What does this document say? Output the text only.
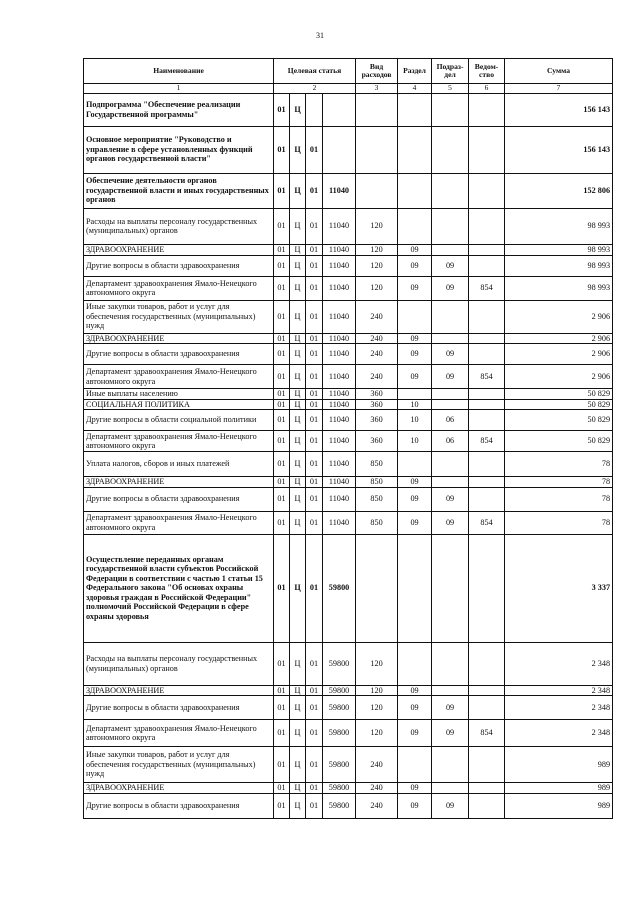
31
Наименование	Целевая статья				Вид расходов	Раздел	Подраз-дел	Ведом-ство	Сумма
1	2				3	4	5	6	7
Подпрограмма "Обеспечение реализации Государственной программы"	01	Ц							156 143
Основное мероприятие "Руководство и управление в сфере установленных функций органов государственной власти"	01	Ц	01						156 143
Обеспечение деятельности органов государственной власти и иных государственных органов	01	Ц	01	11040					152 806
Расходы на выплаты персоналу государственных (муниципальных) органов	01	Ц	01	11040	120				98 993
ЗДРАВООХРАНЕНИЕ	01	Ц	01	11040	120	09			98 993
Другие вопросы в области здравоохранения	01	Ц	01	11040	120	09	09		98 993
Департамент здравоохранения Ямало-Ненецкого автономного округа	01	Ц	01	11040	120	09	09	854	98 993
Иные закупки товаров, работ и услуг для обеспечения государственных (муниципальных) нужд	01	Ц	01	11040	240				2 906
ЗДРАВООХРАНЕНИЕ	01	Ц	01	11040	240	09			2 906
Другие вопросы в области здравоохранения	01	Ц	01	11040	240	09	09		2 906
Департамент здравоохранения Ямало-Ненецкого автономного округа	01	Ц	01	11040	240	09	09	854	2 906
Иные выплаты населению	01	Ц	01	11040	360				50 829
СОЦИАЛЬНАЯ ПОЛИТИКА	01	Ц	01	11040	360	10			50 829
Другие вопросы в области социальной политики	01	Ц	01	11040	360	10	06		50 829
Департамент здравоохранения Ямало-Ненецкого автономного округа	01	Ц	01	11040	360	10	06	854	50 829
Уплата налогов, сборов и иных платежей	01	Ц	01	11040	850				78
ЗДРАВООХРАНЕНИЕ	01	Ц	01	11040	850	09			78
Другие вопросы в области здравоохранения	01	Ц	01	11040	850	09	09		78
Департамент здравоохранения Ямало-Ненецкого автономного округа	01	Ц	01	11040	850	09	09	854	78
Осуществление переданных органам государственной власти субъектов Российской Федерации в соответствии с частью 1 статьи 15 Федерального закона "Об основах охраны здоровья граждан в Российской Федерации" полномочий Российской Федерации в сфере охраны здоровья	01	Ц	01	59800					3 337
Расходы на выплаты персоналу государственных (муниципальных) органов	01	Ц	01	59800	120				2 348
ЗДРАВООХРАНЕНИЕ	01	Ц	01	59800	120	09			2 348
Другие вопросы в области здравоохранения	01	Ц	01	59800	120	09	09		2 348
Департамент здравоохранения Ямало-Ненецкого автономного округа	01	Ц	01	59800	120	09	09	854	2 348
Иные закупки товаров, работ и услуг для обеспечения государственных (муниципальных) нужд	01	Ц	01	59800	240				989
ЗДРАВООХРАНЕНИЕ	01	Ц	01	59800	240	09			989
Другие вопросы в области здравоохранения	01	Ц	01	59800	240	09	09		989
